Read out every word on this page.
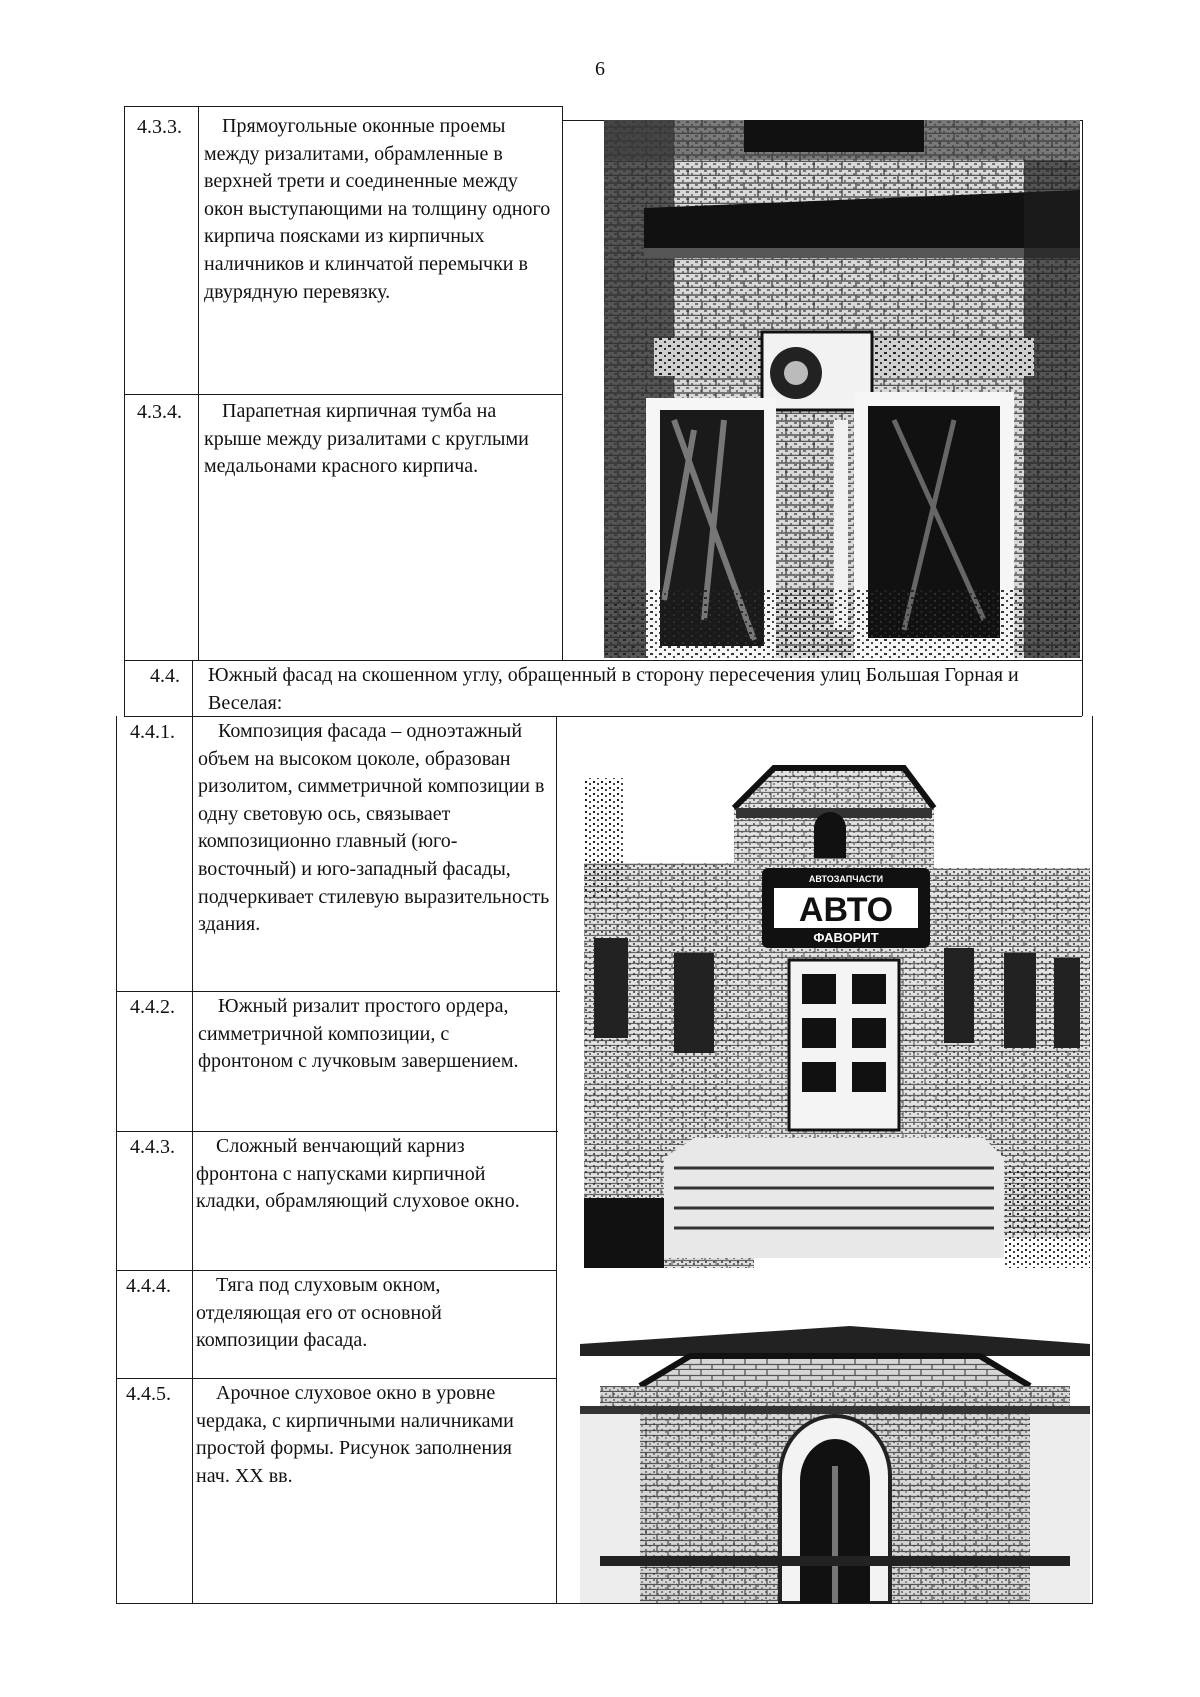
6
4.3.3.
4.3.4.
4.4.
4.4.1.
4.4.2.
4.4.3.
4.4.4.
4.4.5.
Прямоугольные оконные проемы между ризалитами, обрамленные в верхней трети и соединенные между окон выступающими на толщину одного кирпича поясками из кирпичных наличников и клинчатой перемычки в двурядную перевязку.
Парапетная кирпичная тумба на крыше между ризалитами с круглыми медальонами красного кирпича.
Южный фасад на скошенном углу, обращенный в сторону пересечения улиц Большая Горная и Веселая:
Композиция фасада – одноэтажный объем на высоком цоколе, образован ризолитом, симметричной композиции в одну световую ось, связывает композиционно главный (юго-восточный) и юго-западный фасады, подчеркивает стилевую выразительность здания.
Южный ризалит простого ордера, симметричной композиции, с фронтоном с лучковым завершением.
Сложный венчающий карниз фронтона с напусками кирпичной кладки, обрамляющий слуховое окно.
Тяга под слуховым окном, отделяющая его от основной композиции фасада.
Арочное слуховое окно в уровне чердака, с кирпичными наличниками простой формы. Рисунок заполнения нач. XX вв.
АВТОЗАПЧАСТИ
АВТО
ФАВОРИТ
